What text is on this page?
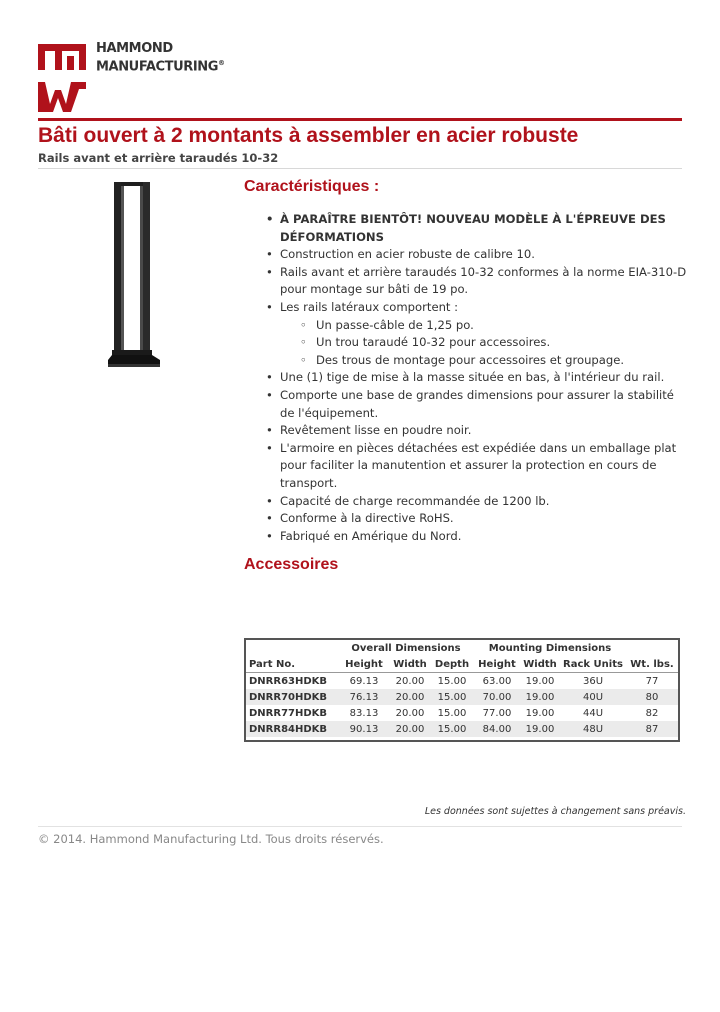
HAMMOND
MANUFACTURING®
Bâti ouvert à 2 montants à assembler en acier robuste
Rails avant et arrière taraudés 10-32
Caractéristiques :
• À PARAÎTRE BIENTÔT! NOUVEAU MODÈLE À L'ÉPREUVE DES DÉFORMATIONS
• Construction en acier robuste de calibre 10.
• Rails avant et arrière taraudés 10-32 conformes à la norme EIA-310-D pour montage sur bâti de 19 po.
• Les rails latéraux comportent :
◦ Un passe-câble de 1,25 po.
◦ Un trou taraudé 10-32 pour accessoires.
◦ Des trous de montage pour accessoires et groupage.
• Une (1) tige de mise à la masse située en bas, à l'intérieur du rail.
• Comporte une base de grandes dimensions pour assurer la stabilité de l'équipement.
• Revêtement lisse en poudre noir.
• L'armoire en pièces détachées est expédiée dans un emballage plat pour faciliter la manutention et assurer la protection en cours de transport.
• Capacité de charge recommandée de 1200 lb.
• Conforme à la directive RoHS.
• Fabriqué en Amérique du Nord.
Accessoires
	Overall Dimensions			Mounting Dimensions			
Part No.	Height	Width	Depth	Height	Width	Rack Units	Wt. lbs.
DNRR63HDKB	69.13	20.00	15.00	63.00	19.00	36U	77
DNRR70HDKB	76.13	20.00	15.00	70.00	19.00	40U	80
DNRR77HDKB	83.13	20.00	15.00	77.00	19.00	44U	82
DNRR84HDKB	90.13	20.00	15.00	84.00	19.00	48U	87
Les données sont sujettes à changement sans préavis.
© 2014. Hammond Manufacturing Ltd. Tous droits réservés.
